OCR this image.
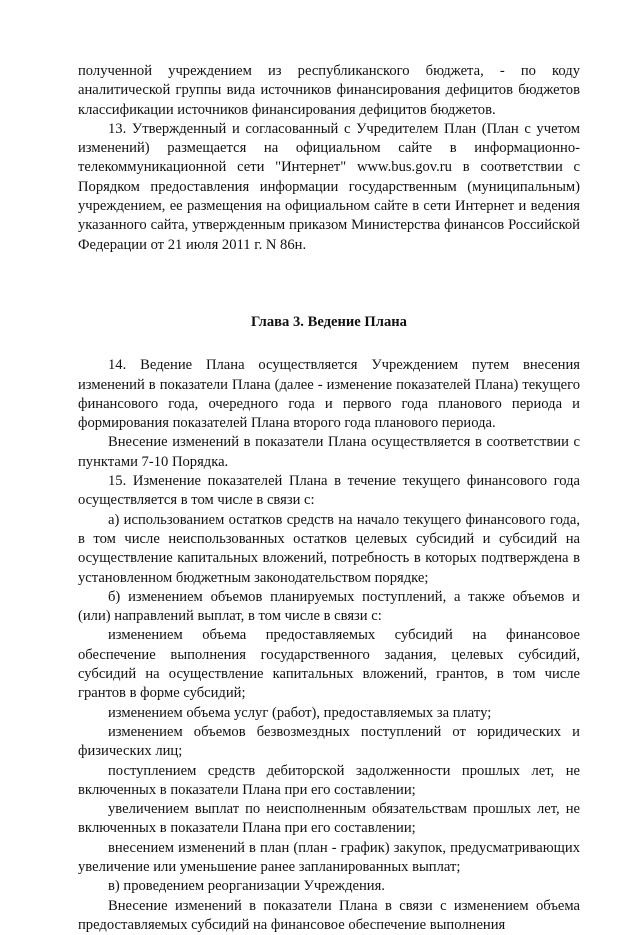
полученной учреждением из республиканского бюджета, - по коду аналитической группы вида источников финансирования дефицитов бюджетов классификации источников финансирования дефицитов бюджетов.

13. Утвержденный и согласованный с Учредителем План (План с учетом изменений) размещается на официальном сайте в информационно-телекоммуникационной сети "Интернет" www.bus.gov.ru в соответствии с Порядком предоставления информации государственным (муниципальным) учреждением, ее размещения на официальном сайте в сети Интернет и ведения указанного сайта, утвержденным приказом Министерства финансов Российской Федерации от 21 июля 2011 г. N 86н.

Глава 3. Ведение Плана

14. Ведение Плана осуществляется Учреждением путем внесения изменений в показатели Плана (далее - изменение показателей Плана) текущего финансового года, очередного года и первого года планового периода и формирования показателей Плана второго года планового периода.

Внесение изменений в показатели Плана осуществляется в соответствии с пунктами 7-10 Порядка.

15. Изменение показателей Плана в течение текущего финансового года осуществляется в том числе в связи с:

а) использованием остатков средств на начало текущего финансового года, в том числе неиспользованных остатков целевых субсидий и субсидий на осуществление капитальных вложений, потребность в которых подтверждена в установленном бюджетным законодательством порядке;

б) изменением объемов планируемых поступлений, а также объемов и (или) направлений выплат, в том числе в связи с:

изменением объема предоставляемых субсидий на финансовое обеспечение выполнения государственного задания, целевых субсидий, субсидий на осуществление капитальных вложений, грантов, в том числе грантов в форме субсидий;

изменением объема услуг (работ), предоставляемых за плату;

изменением объемов безвозмездных поступлений от юридических и физических лиц;

поступлением средств дебиторской задолженности прошлых лет, не включенных в показатели Плана при его составлении;

увеличением выплат по неисполненным обязательствам прошлых лет, не включенных в показатели Плана при его составлении;

внесением изменений в план (план - график) закупок, предусматривающих увеличение или уменьшение ранее запланированных выплат;

в) проведением реорганизации Учреждения.

Внесение изменений в показатели Плана в связи с изменением объема предоставляемых субсидий на финансовое обеспечение выполнения
